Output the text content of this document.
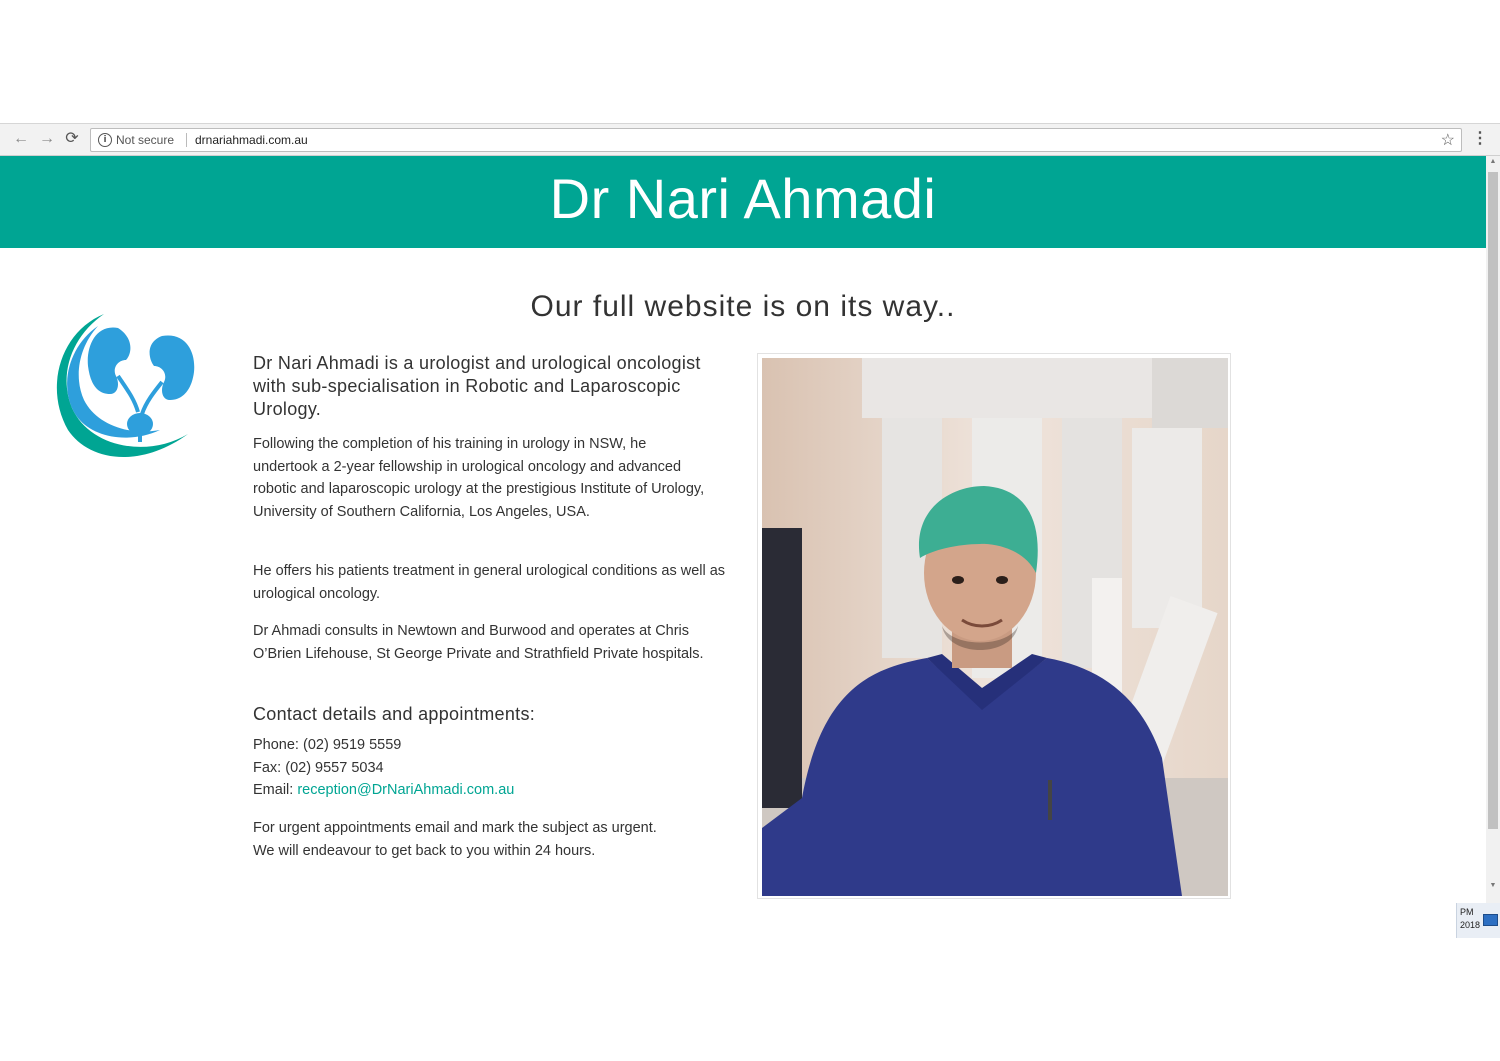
← → ⟳	i Not secure drnariahmadi.com.au	☆ ⋮
Dr Nari Ahmadi
Our full website is on its way..
Dr Nari Ahmadi is a urologist and urological oncologist with sub-specialisation in Robotic and Laparoscopic Urology.

Following the completion of his training in urology in NSW, he undertook a 2-year fellowship in urological oncology and advanced robotic and laparoscopic urology at the prestigious Institute of Urology, University of Southern California, Los Angeles, USA.

He offers his patients treatment in general urological conditions as well as urological oncology.

Dr Ahmadi consults in Newtown and Burwood and operates at Chris O’Brien Lifehouse, St George Private and Strathfield Private hospitals.

Contact details and appointments:
Phone: (02) 9519 5559
Fax: (02) 9557 5034
Email: reception@DrNariAhmadi.com.au
For urgent appointments email and mark the subject as urgent.
We will endeavour to get back to you within 24 hours.
▲
▼
PM
2018
